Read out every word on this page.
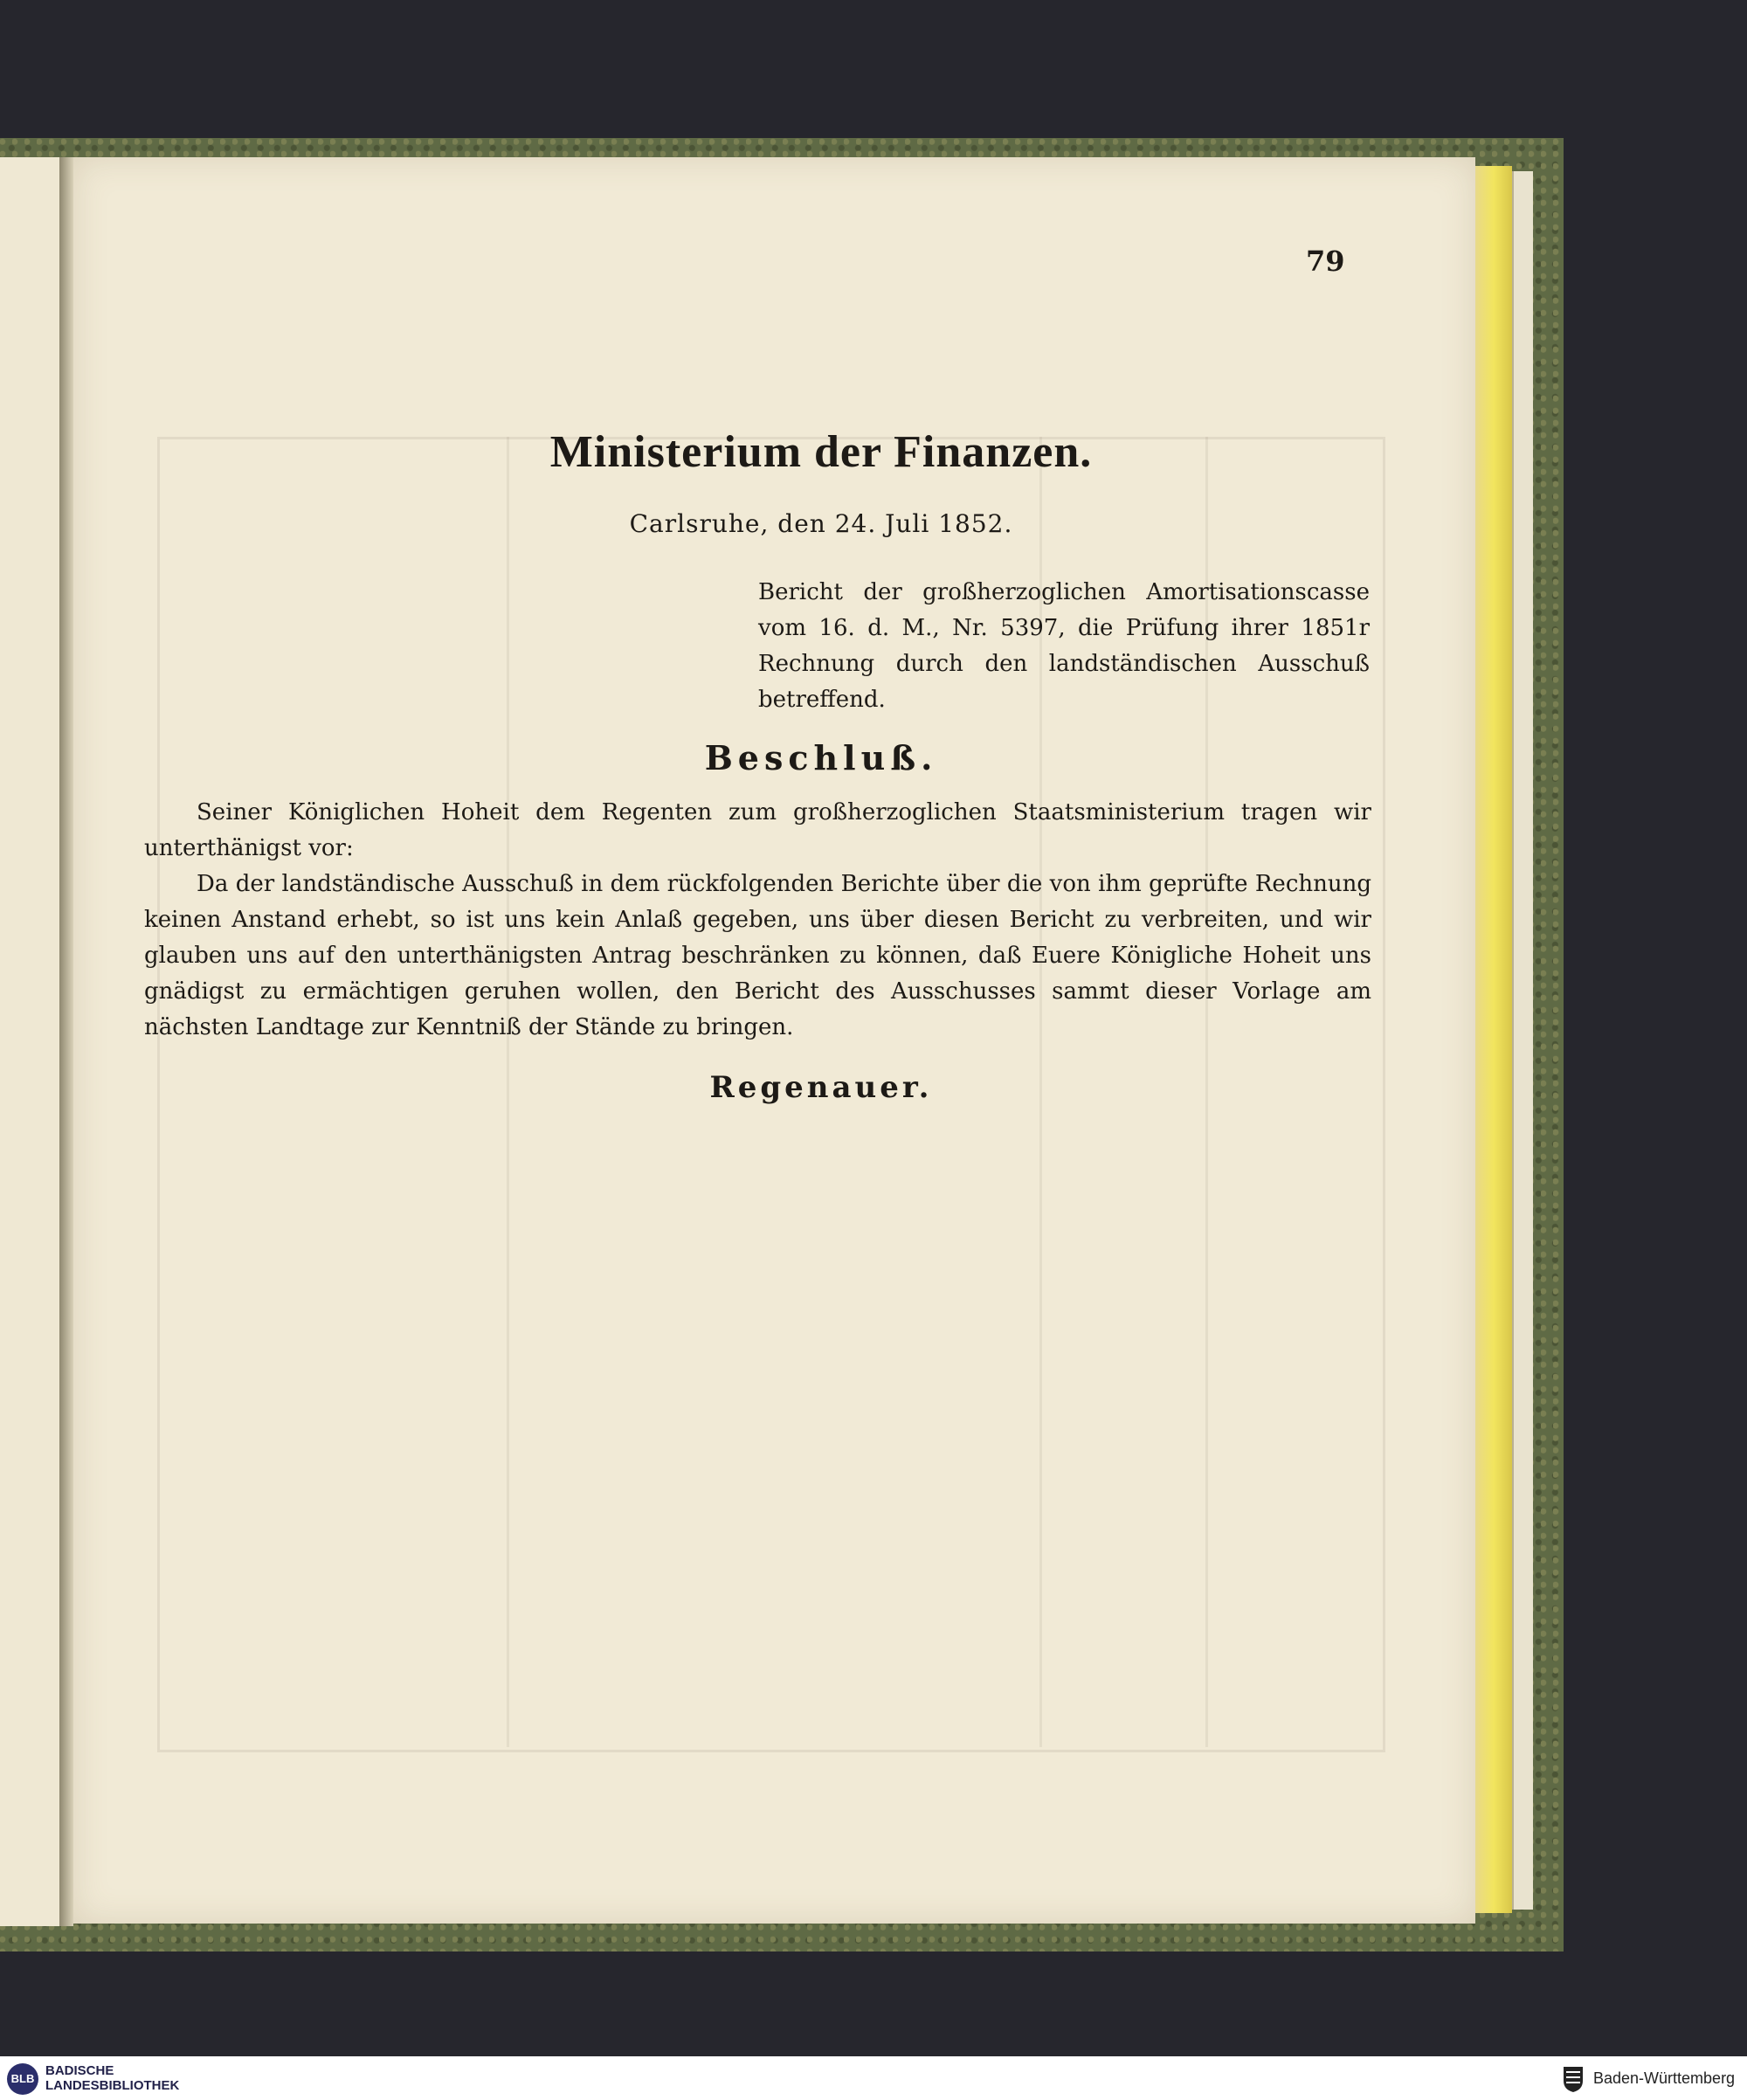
79
Ministerium der Finanzen.
Carlsruhe, den 24. Juli 1852.
Bericht der großherzoglichen Amortisationscasse vom 16. d. M., Nr. 5397, die Prüfung ihrer 1851r Rechnung durch den landständischen Ausschuß betreffend.
Beschluß.

Seiner Königlichen Hoheit dem Regenten zum großherzoglichen Staatsministerium tragen wir unterthänigst vor:

Da der landständische Ausschuß in dem rückfolgenden Berichte über die von ihm geprüfte Rechnung keinen Anstand erhebt, so ist uns kein Anlaß gegeben, uns über diesen Bericht zu verbreiten, und wir glauben uns auf den unterthänigsten Antrag beschränken zu können, daß Euere Königliche Hoheit uns gnädigst zu ermächtigen geruhen wollen, den Bericht des Ausschusses sammt dieser Vorlage am nächsten Landtage zur Kenntniß der Stände zu bringen.

Regenauer.
BLB
BADISCHE
LANDESBIBLIOTHEK	Baden-Württemberg
